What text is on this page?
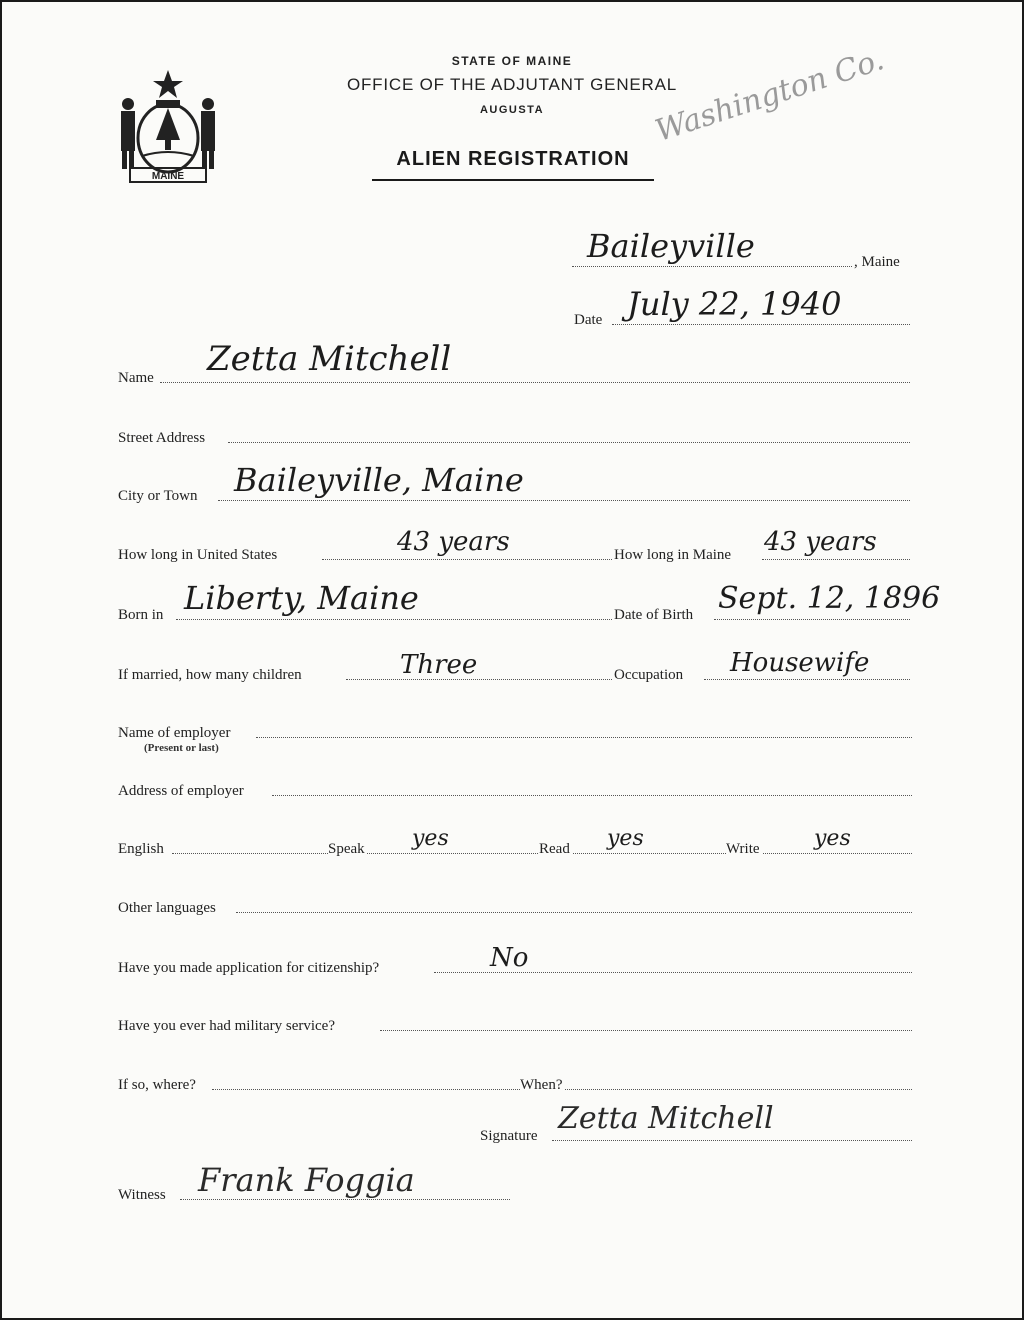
MAINE
STATE OF MAINE
OFFICE OF THE ADJUTANT GENERAL
AUGUSTA
ALIEN REGISTRATION
Washington Co.
Baileyville	, Maine
Date July 22, 1940
Name Zetta Mitchell
Street Address
City or Town Baileyville, Maine
How long in United States	43 years	How long in Maine 43 years
Born in Liberty, Maine	Date of Birth Sept. 12, 1896
If married, how many children	Three	Occupation Housewife
Name of employer
(Present or last)
Address of employer
English	Speak yes	Read yes	Write yes
Other languages
Have you made application for citizenship?	No
Have you ever had military service?
If so, where?	When?
Signature Zetta Mitchell
Witness Frank Foggia
